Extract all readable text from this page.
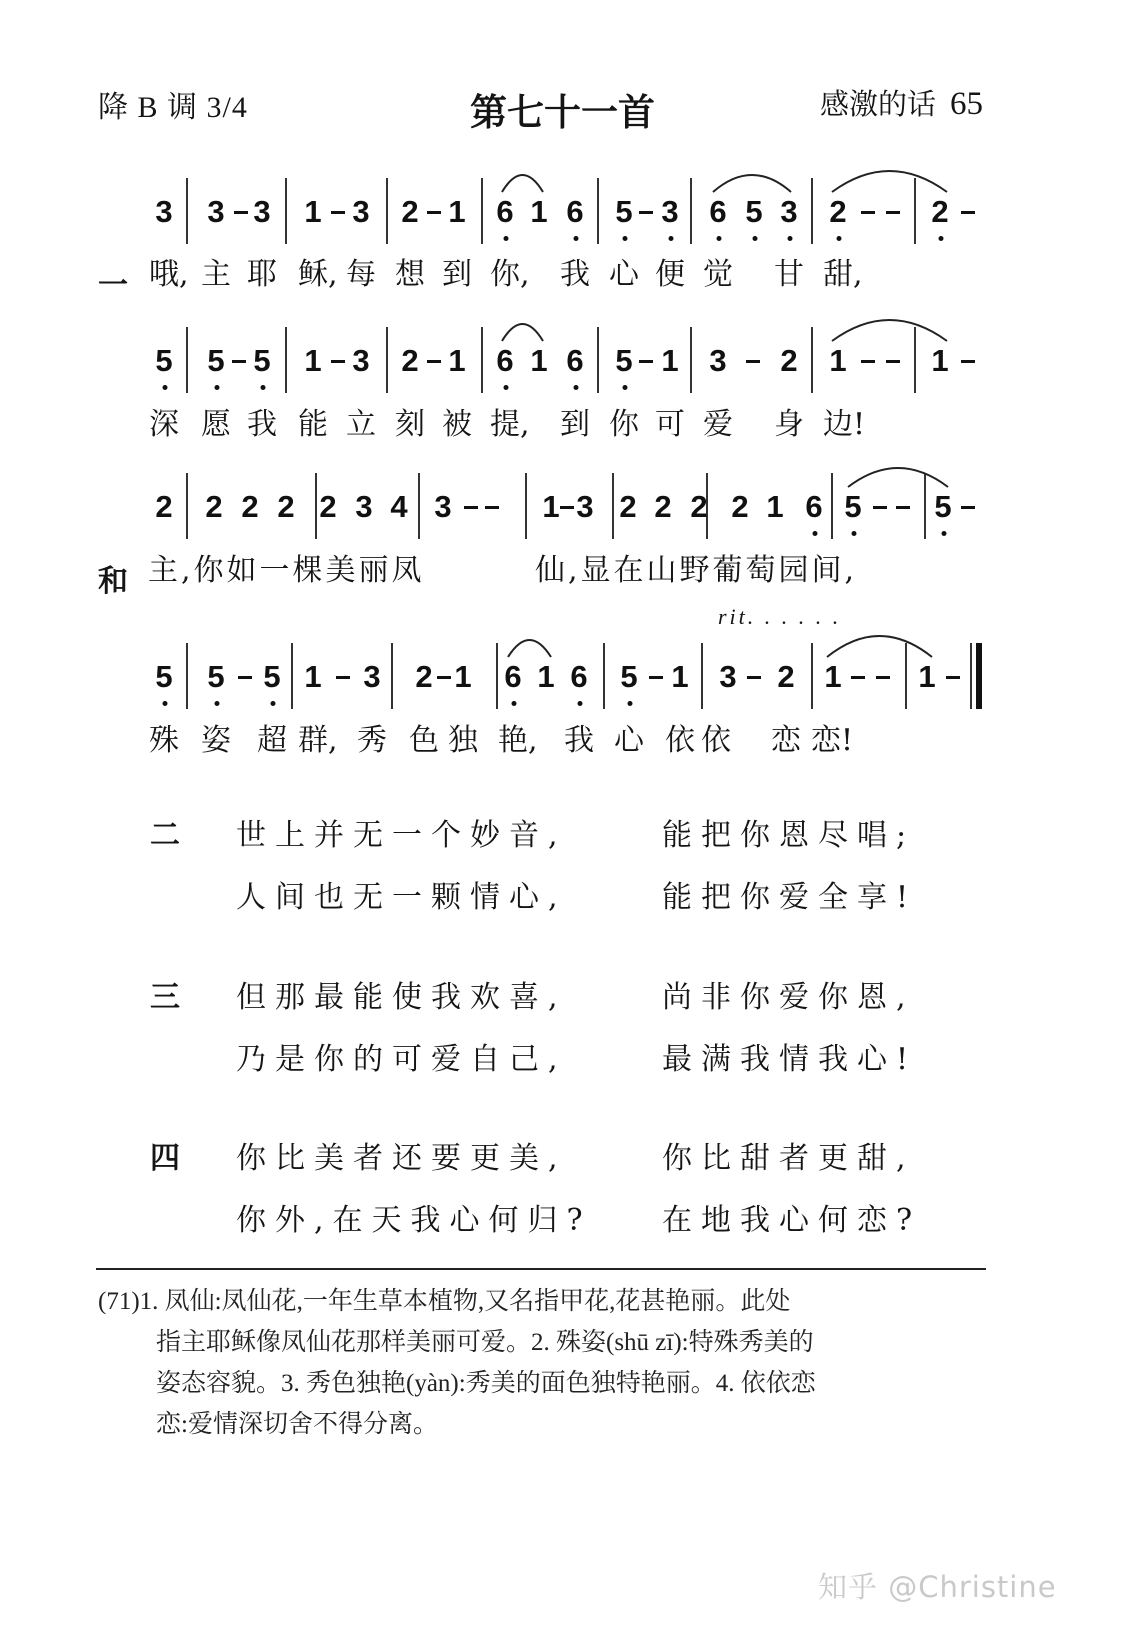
降 B 调 3/4	第七十一首	感激的话 65
3 3 3 1 3 2 1 6 1 6 5 3 6 5 3 2	2
一 哦, 主 耶 稣, 每 想 到 你, 我 心 便 觉 甘 甜,
5 5 5 1 3 2 1 6 1 6 5 1 3 2 1	1
深 愿 我 能 立 刻 被 提, 到 你 可 爱 身 边!
2 2 2 2 2 3 4 3	1 3 2 2 2 2 1 6 5 5
和 主,你如一棵美丽凤	仙,显在山野葡萄园间,
5 5 5 1 3 2 1 6 1 6 5 1 3 2 1 1
殊 姿 超 群, 秀 色 独 艳, 我 心 依 依 恋 恋!
rit. . . . . .
二 世上并无一个妙音,	能把你恩尽唱;
人间也无一颗情心,	能把你爱全享!
三 但那最能使我欢喜,	尚非你爱你恩,
乃是你的可爱自己,	最满我情我心!
四 你比美者还要更美,	你比甜者更甜,
你外,在天我心何归? 在地我心何恋?
(71)1. 凤仙:凤仙花,一年生草本植物,又名指甲花,花甚艳丽。此处
指主耶稣像凤仙花那样美丽可爱。2. 殊姿(shū zī):特殊秀美的
姿态容貌。3. 秀色独艳(yàn):秀美的面色独特艳丽。4. 依依恋
恋:爱情深切舍不得分离。
知乎 @Christine
